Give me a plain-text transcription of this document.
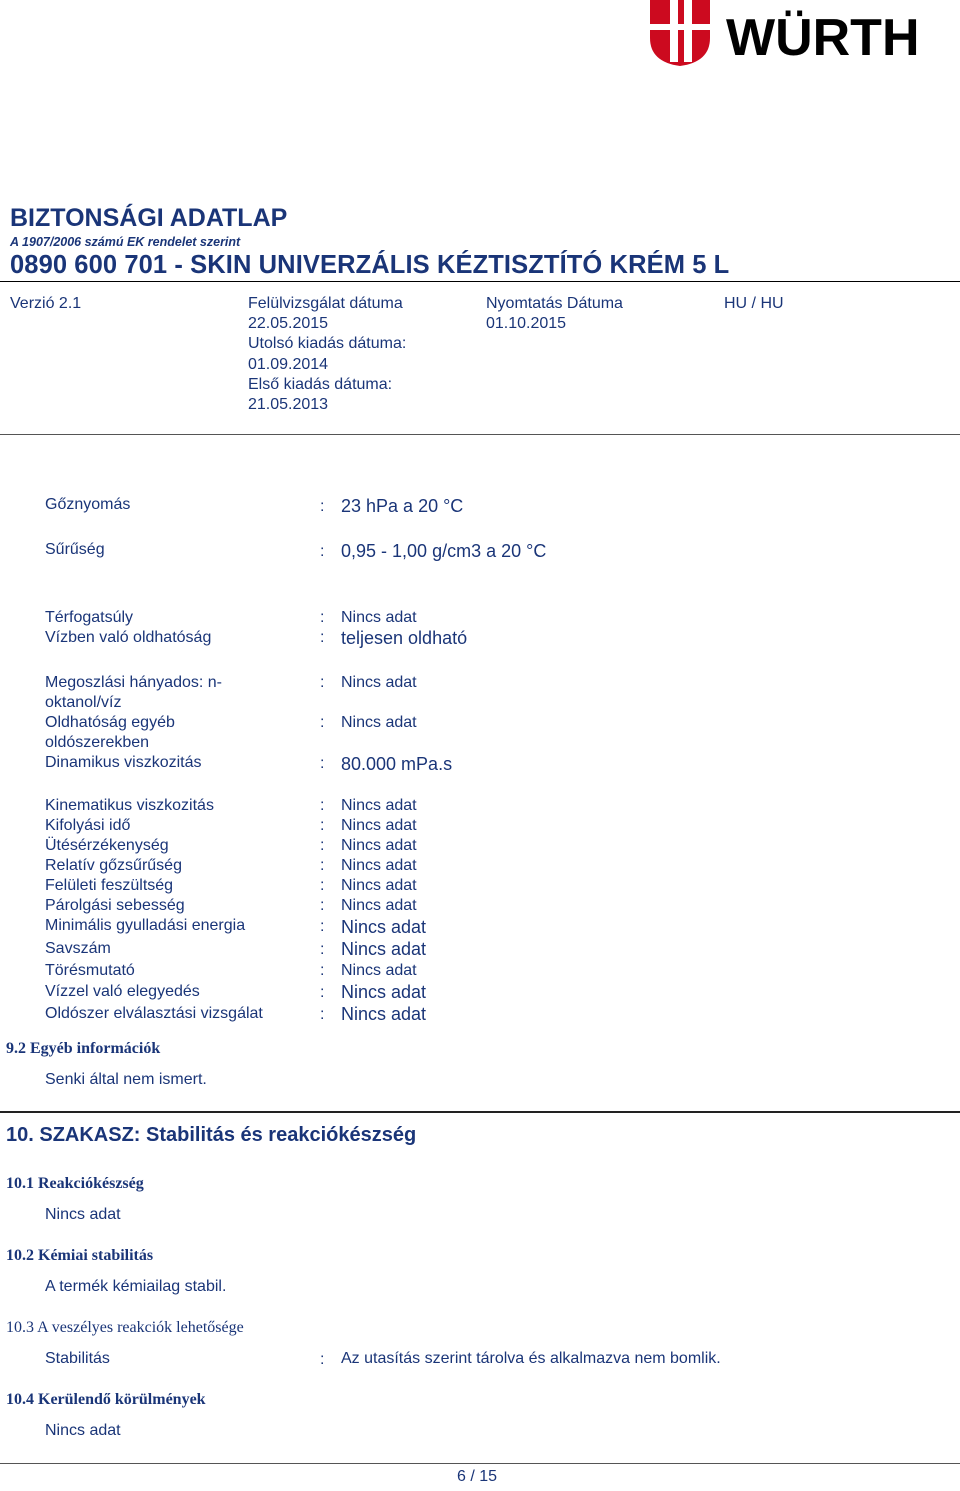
WÜRTH
BIZTONSÁGI ADATLAP
A 1907/2006 számú EK rendelet szerint
0890 600 701 - SKIN UNIVERZÁLIS KÉZTISZTÍTÓ KRÉM 5 L
Verzió 2.1	Felülvizsgálat dátuma
22.05.2015
Utolsó kiadás dátuma:
01.09.2014
Első kiadás dátuma:
21.05.2013
Nyomtatás Dátuma
01.10.2015
HU / HU
Gőznyomás	: 23 hPa a 20 °C
Sűrűség	: 0,95 - 1,00 g/cm3 a 20 °C
Térfogatsúly	: Nincs adat
Vízben való oldhatóság	: teljesen oldható
Megoszlási hányados: n-
oktanol/víz
: Nincs adat
Oldhatóság egyéb
oldószerekben
: Nincs adat
Dinamikus viszkozitás	: 80.000 mPa.s
Kinematikus viszkozitás	: Nincs adat
Kifolyási idő	: Nincs adat
Ütésérzékenység	: Nincs adat
Relatív gőzsűrűség	: Nincs adat
Felületi feszültség	: Nincs adat
Párolgási sebesség	: Nincs adat
Minimális gyulladási energia	: Nincs adat
Savszám	: Nincs adat
Törésmutató	: Nincs adat
Vízzel való elegyedés	: Nincs adat
Oldószer elválasztási vizsgálat	: Nincs adat
9.2 Egyéb információk
Senki által nem ismert.
10. SZAKASZ: Stabilitás és reakciókészség
10.1 Reakciókészség
Nincs adat
10.2 Kémiai stabilitás
A termék kémiailag stabil.
10.3 A veszélyes reakciók lehetősége
Stabilitás	: Az utasítás szerint tárolva és alkalmazva nem bomlik.
10.4 Kerülendő körülmények
Nincs adat
6 / 15
